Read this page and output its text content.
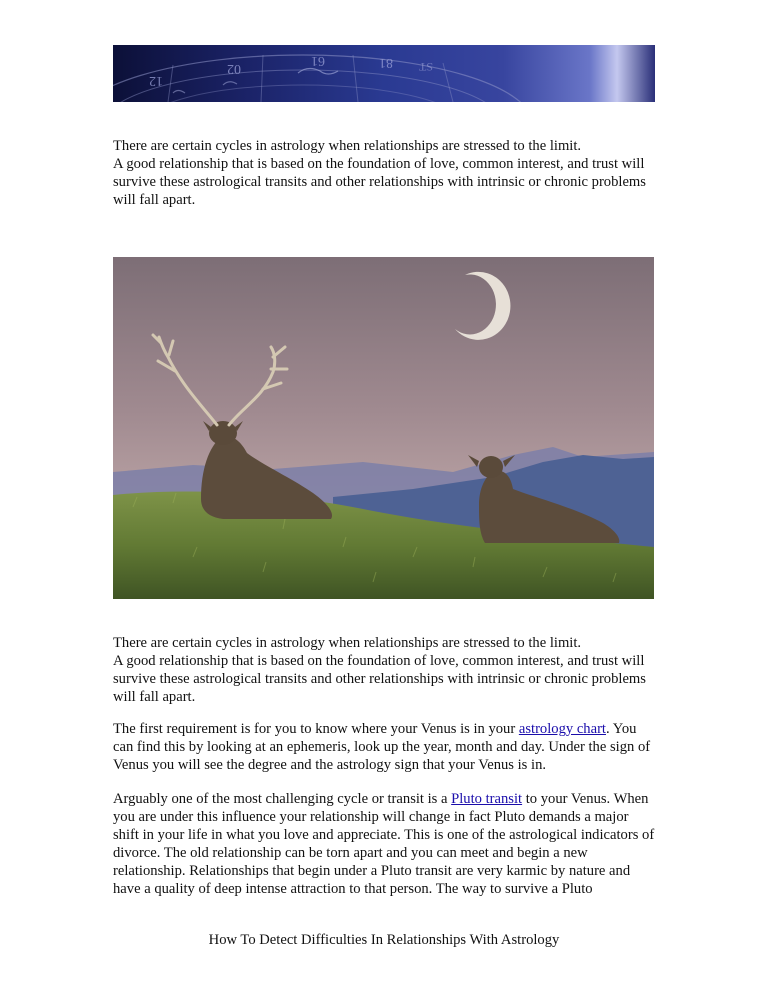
12
02
61	81 ST

There are certain cycles in astrology when relationships are stressed to the limit.

A good relationship that is based on the foundation of love, common interest, and trust will survive these astrological transits and other relationships with intrinsic or chronic problems will fall apart.

There are certain cycles in astrology when relationships are stressed to the limit.

A good relationship that is based on the foundation of love, common interest, and trust will survive these astrological transits and other relationships with intrinsic or chronic problems will fall apart.

The first requirement is for you to know where your Venus is in your astrology chart. You can find this by looking at an ephemeris, look up the year, month and day. Under the sign of Venus you will see the degree and the astrology sign that your Venus is in.

Arguably one of the most challenging cycle or transit is a Pluto transit to your Venus. When you are under this influence your relationship will change in fact Pluto demands a major shift in your life in what you love and appreciate. This is one of the astrological indicators of divorce. The old relationship can be torn apart and you can meet and begin a new relationship. Relationships that begin under a Pluto transit are very karmic by nature and have a quality of deep intense attraction to that person. The way to survive a Pluto

How To Detect Difficulties In Relationships With Astrology
